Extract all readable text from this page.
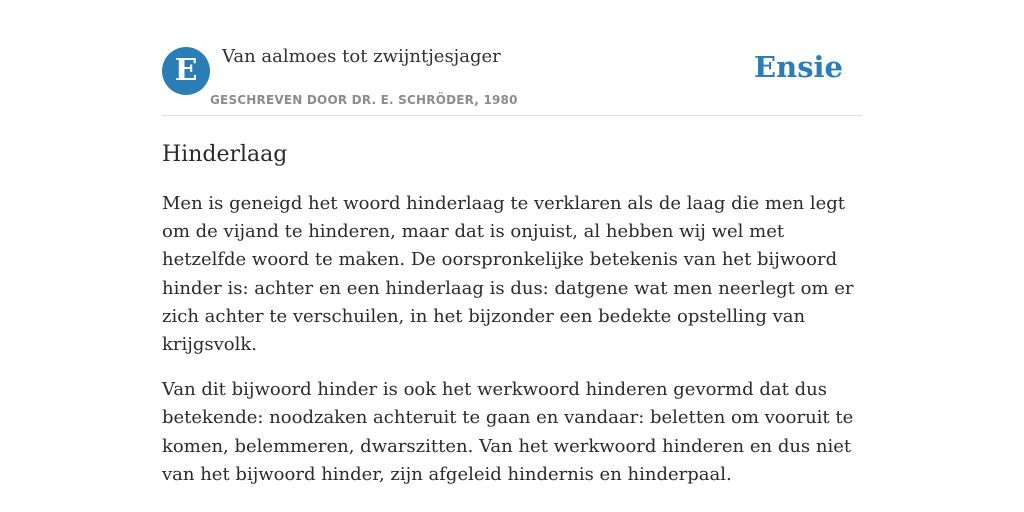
E	Van aalmoes tot zwijntjesjager
GESCHREVEN DOOR DR. E. SCHRÖDER, 1980
Ensie
Hinderlaag

Men is geneigd het woord hinderlaag te verklaren als de laag die men legt om de vijand te hinderen, maar dat is onjuist, al hebben wij wel met hetzelfde woord te maken. De oorspronkelijke betekenis van het bijwoord hinder is: achter en een hinderlaag is dus: datgene wat men neerlegt om er zich achter te verschuilen, in het bijzonder een bedekte opstelling van krijgsvolk.

Van dit bijwoord hinder is ook het werkwoord hinderen gevormd dat dus betekende: noodzaken achteruit te gaan en vandaar: beletten om vooruit te komen, belemmeren, dwarszitten. Van het werkwoord hinderen en dus niet van het bijwoord hinder, zijn afgeleid hindernis en hinderpaal.
